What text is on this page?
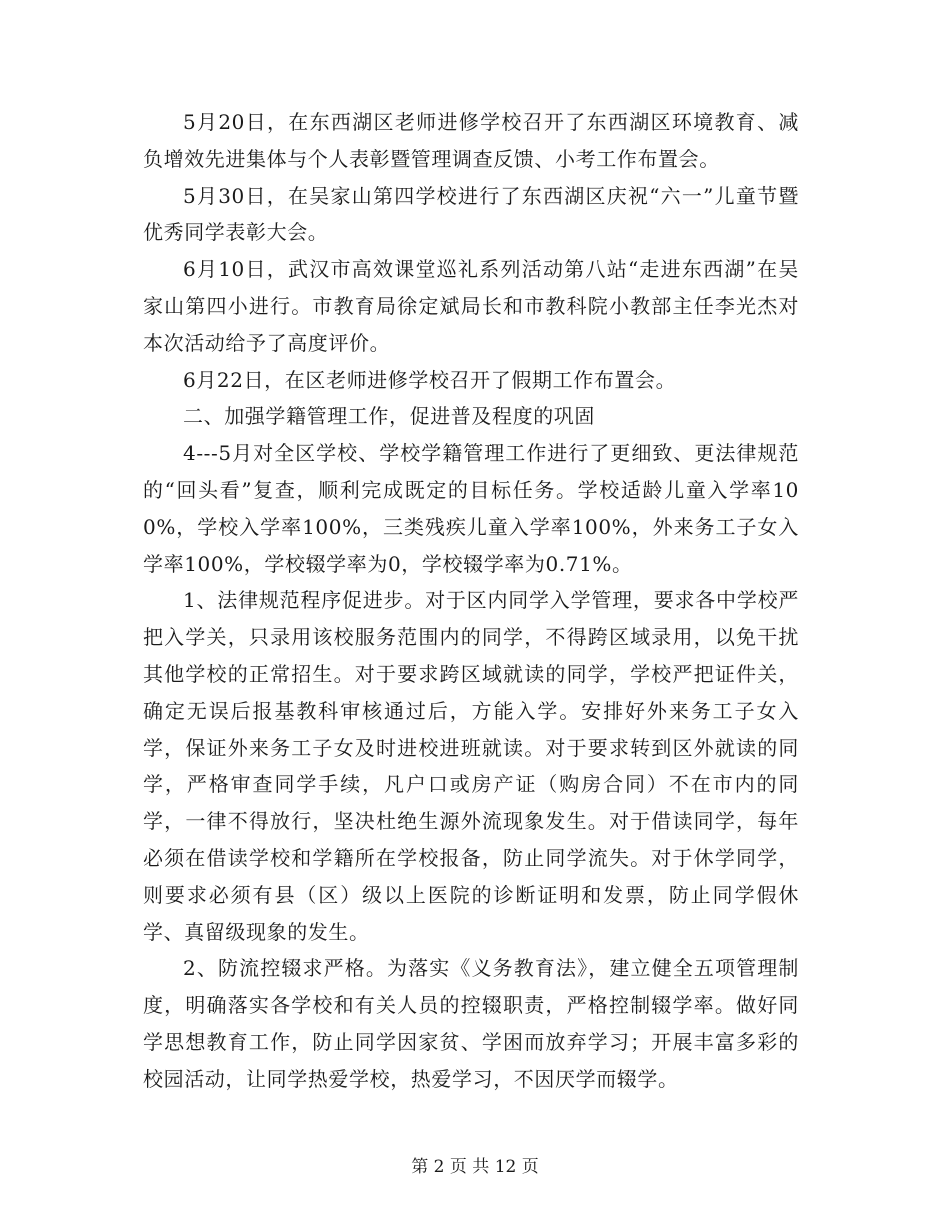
5月20日，在东西湖区老师进修学校召开了东西湖区环境教育、减负增效先进集体与个人表彰暨管理调查反馈、小考工作布置会。

5月30日，在吴家山第四学校进行了东西湖区庆祝“六一”儿童节暨优秀同学表彰大会。

6月10日，武汉市高效课堂巡礼系列活动第八站“走进东西湖”在吴家山第四小进行。市教育局徐定斌局长和市教科院小教部主任李光杰对本次活动给予了高度评价。

6月22日，在区老师进修学校召开了假期工作布置会。

二、加强学籍管理工作，促进普及程度的巩固

4---5月对全区学校、学校学籍管理工作进行了更细致、更法律规范的“回头看”复查，顺利完成既定的目标任务。学校适龄儿童入学率100%，学校入学率100%，三类残疾儿童入学率100%，外来务工子女入学率100%，学校辍学率为0，学校辍学率为0.71%。

1、法律规范程序促进步。对于区内同学入学管理，要求各中学校严把入学关，只录用该校服务范围内的同学，不得跨区域录用，以免干扰其他学校的正常招生。对于要求跨区域就读的同学，学校严把证件关，确定无误后报基教科审核通过后，方能入学。安排好外来务工子女入学，保证外来务工子女及时进校进班就读。对于要求转到区外就读的同学，严格审查同学手续，凡户口或房产证（购房合同）不在市内的同学，一律不得放行，坚决杜绝生源外流现象发生。对于借读同学，每年必须在借读学校和学籍所在学校报备，防止同学流失。对于休学同学，则要求必须有县（区）级以上医院的诊断证明和发票，防止同学假休学、真留级现象的发生。

2、防流控辍求严格。为落实《义务教育法》，建立健全五项管理制度，明确落实各学校和有关人员的控辍职责，严格控制辍学率。做好同学思想教育工作，防止同学因家贫、学困而放弃学习；开展丰富多彩的校园活动，让同学热爱学校，热爱学习，不因厌学而辍学。

第 2 页 共 12 页
